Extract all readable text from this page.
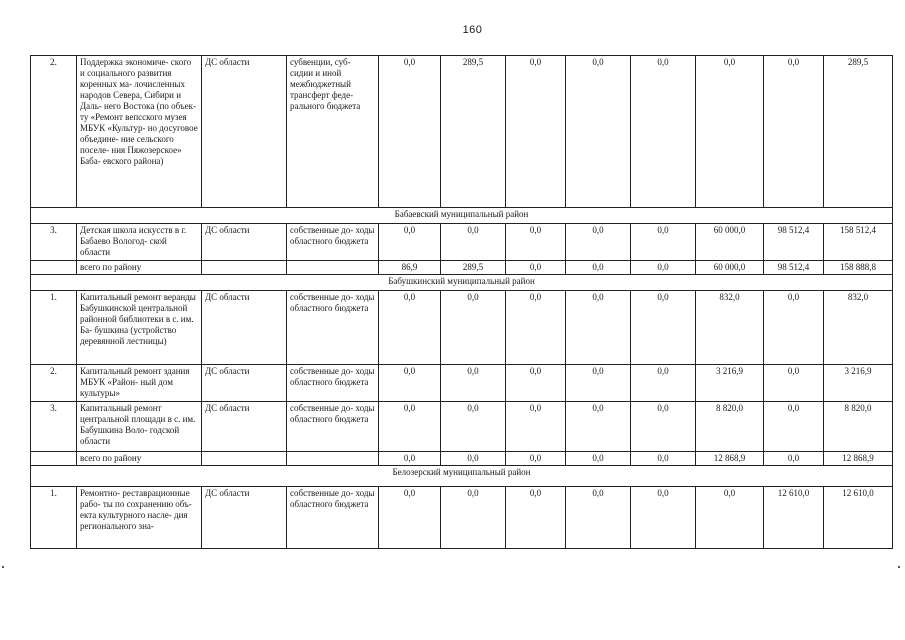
160
2.	Поддержка экономиче- ского и социального развития коренных ма- лочисленных народов Севера, Сибири и Даль- него Востока (по объек- ту «Ремонт вепсского музея МБУК «Культур- но досуговое объедине- ние сельского поселе- ния Пяжозерское» Баба- евского района)	ДС области	субвенции, суб- сидии и иной межбюджетный трансферт феде- рального бюджета	0,0	289,5	0,0	0,0	0,0	0,0	0,0	289,5
Бабаевский муниципальный район											
3.	Детская школа искусств в г. Бабаево Вологод- ской области	ДС области	собственные до- ходы областного бюджета	0,0	0,0	0,0	0,0	0,0	60 000,0	98 512,4	158 512,4
	всего по району			86,9	289,5	0,0	0,0	0,0	60 000,0	98 512,4	158 888,8
Бабушкинский муниципальный район											
1.	Капитальный ремонт веранды Бабушкинской центральной районной библиотеки в с. им. Ба- бушкина (устройство деревянной лестницы)	ДС области	собственные до- ходы областного бюджета	0,0	0,0	0,0	0,0	0,0	832,0	0,0	832,0
2.	Капитальный ремонт здания МБУК «Район- ный дом культуры»	ДС области	собственные до- ходы областного бюджета	0,0	0,0	0,0	0,0	0,0	3 216,9	0,0	3 216,9
3.	Капитальный ремонт центральной площади в с. им. Бабушкина Воло- годской области	ДС области	собственные до- ходы областного бюджета	0,0	0,0	0,0	0,0	0,0	8 820,0	0,0	8 820,0
	всего по району			0,0	0,0	0,0	0,0	0,0	12 868,9	0,0	12 868,9
Белозерский муниципальный район											
1.	Ремонтно- реставрационные рабо- ты по сохранению объ- екта культурного насле- дия регионального зна-	ДС области	собственные до- ходы областного бюджета	0,0	0,0	0,0	0,0	0,0	0,0	12 610,0	12 610,0
